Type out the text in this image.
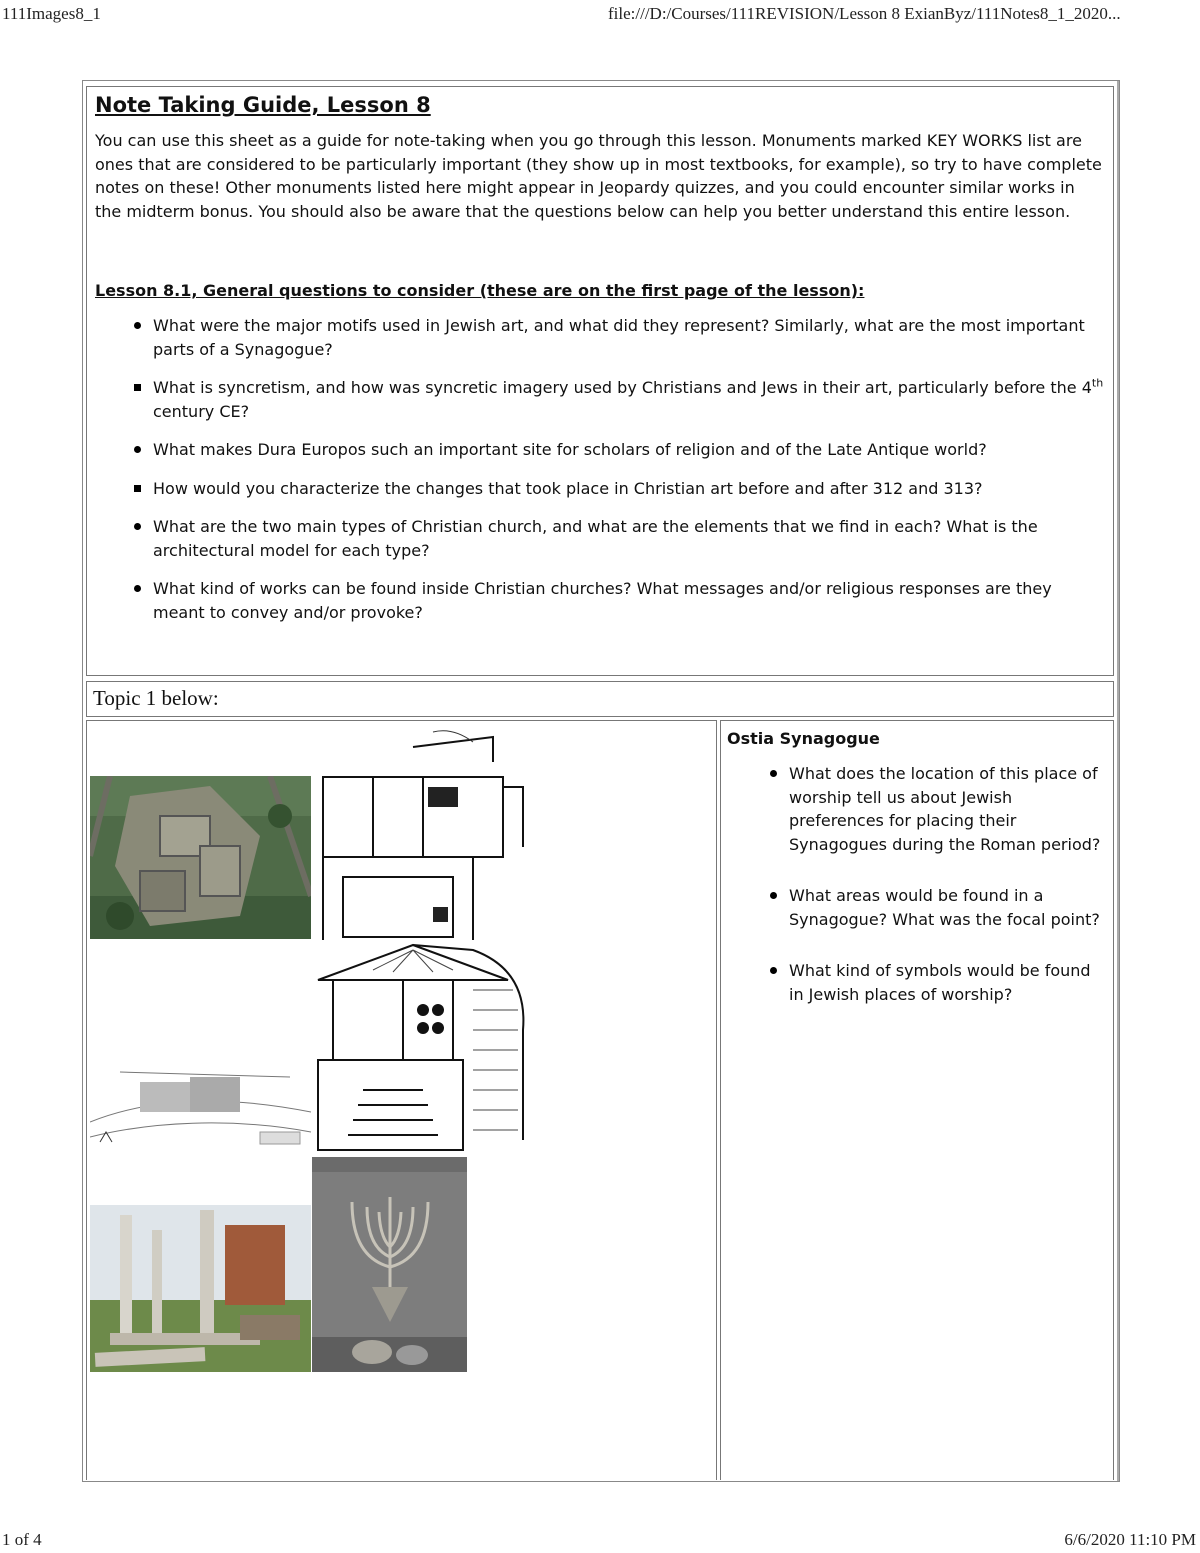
111Images8_1	file:///D:/Courses/111REVISION/Lesson 8 ExianByz/111Notes8_1_2020...
Note Taking Guide, Lesson 8

You can use this sheet as a guide for note-taking when you go through this lesson. Monuments marked KEY WORKS list are ones that are considered to be particularly important (they show up in most textbooks, for example), so try to have complete notes on these! Other monuments listed here might appear in Jeopardy quizzes, and you could encounter similar works in the midterm bonus. You should also be aware that the questions below can help you better understand this entire lesson.

Lesson 8.1, General questions to consider (these are on the first page of the lesson):
What were the major motifs used in Jewish art, and what did they represent? Similarly, what are the most important parts of a Synagogue?
What is syncretism, and how was syncretic imagery used by Christians and Jews in their art, particularly before the 4th century CE?
What makes Dura Europos such an important site for scholars of religion and of the Late Antique world?
How would you characterize the changes that took place in Christian art before and after 312 and 313?
What are the two main types of Christian church, and what are the elements that we find in each? What is the architectural model for each type?
What kind of works can be found inside Christian churches? What messages and/or religious responses are they meant to convey and/or provoke?
Topic 1 below:
Ostia Synagogue
What does the location of this place of worship tell us about Jewish preferences for placing their Synagogues during the Roman period?
What areas would be found in a Synagogue? What was the focal point?
What kind of symbols would be found in Jewish places of worship?
1 of 4	6/6/2020 11:10 PM
